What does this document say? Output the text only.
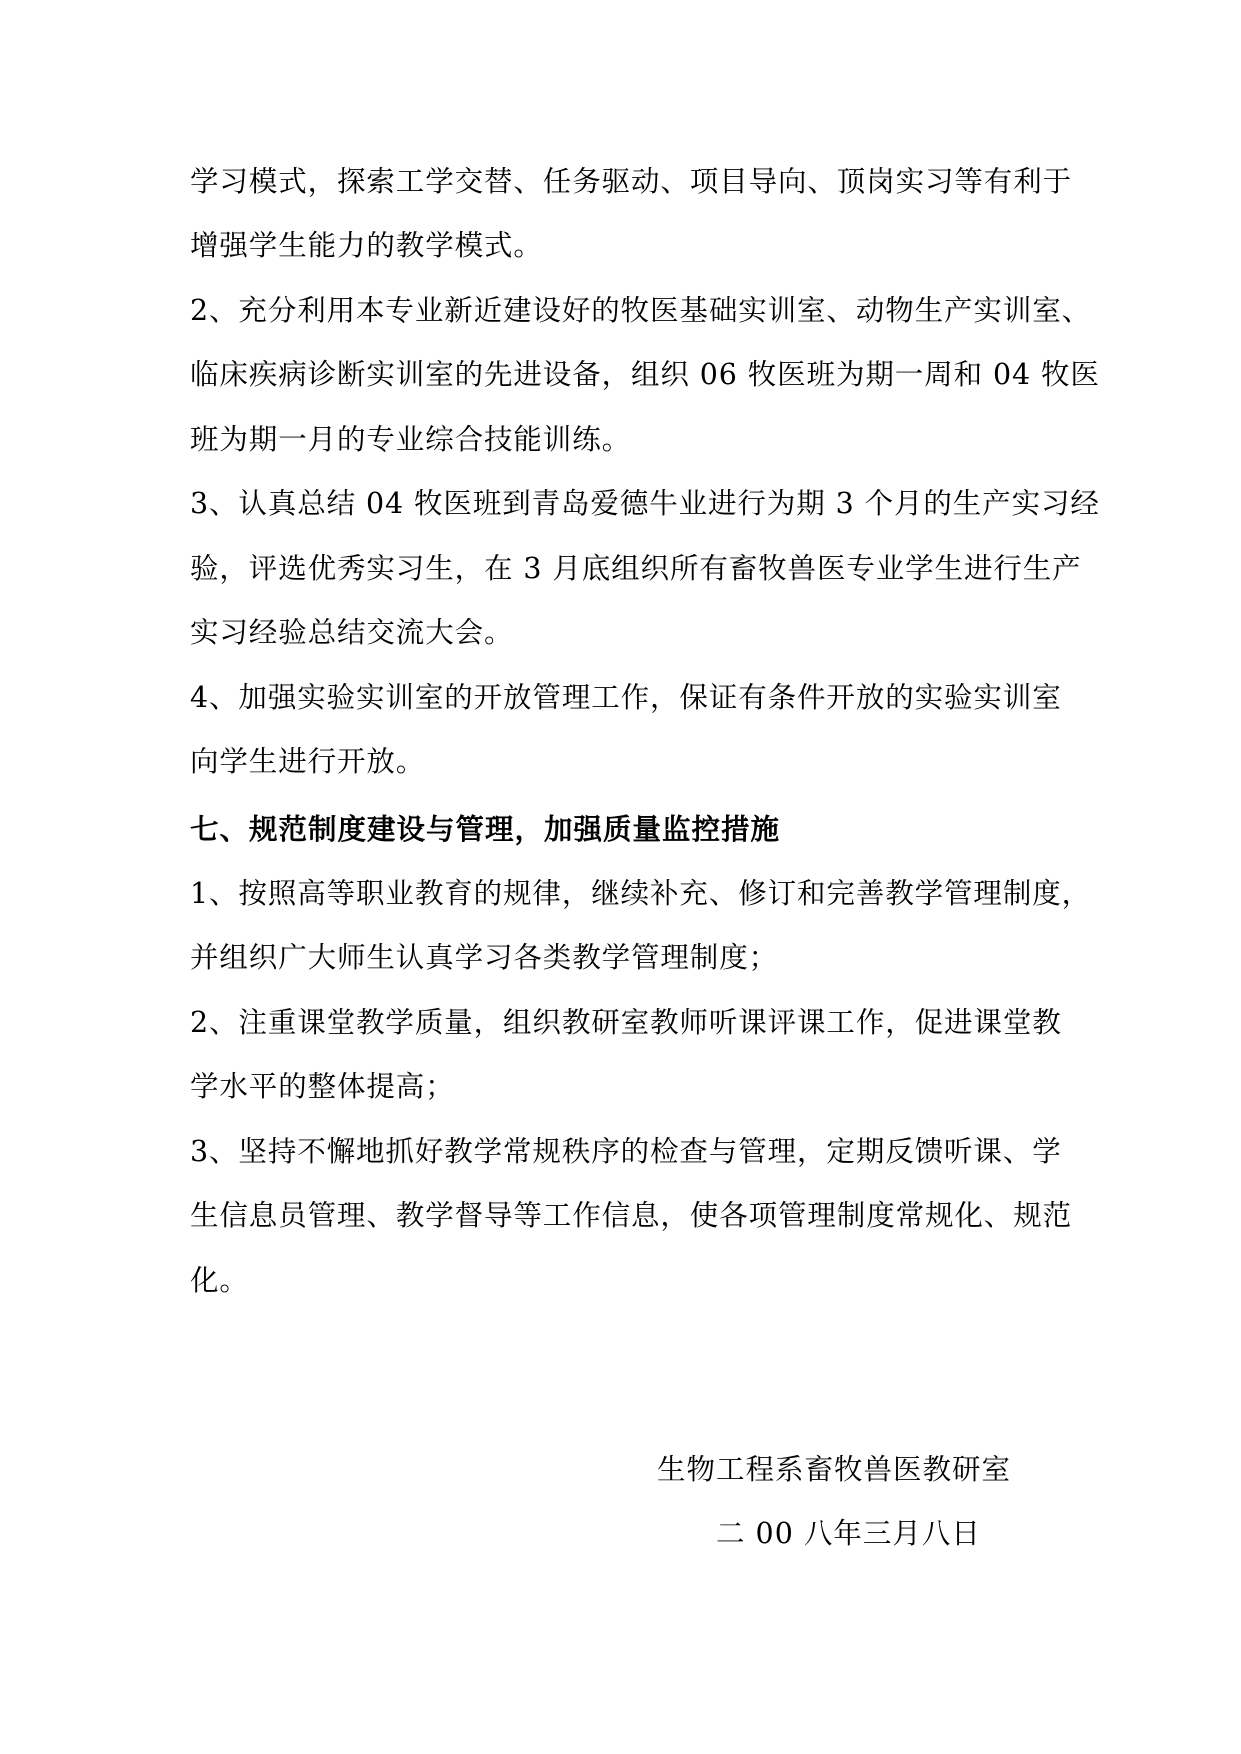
学习模式，探索工学交替、任务驱动、项目导向、顶岗实习等有利于
增强学生能力的教学模式。
2、充分利用本专业新近建设好的牧医基础实训室、动物生产实训室、
临床疾病诊断实训室的先进设备，组织 06 牧医班为期一周和 04 牧医
班为期一月的专业综合技能训练。
3、认真总结 04 牧医班到青岛爱德牛业进行为期 3 个月的生产实习经
验，评选优秀实习生，在 3 月底组织所有畜牧兽医专业学生进行生产
实习经验总结交流大会。
4、加强实验实训室的开放管理工作，保证有条件开放的实验实训室
向学生进行开放。
七、规范制度建设与管理，加强质量监控措施
1、按照高等职业教育的规律，继续补充、修订和完善教学管理制度，
并组织广大师生认真学习各类教学管理制度；
2、注重课堂教学质量，组织教研室教师听课评课工作，促进课堂教
学水平的整体提高；
3、坚持不懈地抓好教学常规秩序的检查与管理，定期反馈听课、学
生信息员管理、教学督导等工作信息，使各项管理制度常规化、规范
化。
生物工程系畜牧兽医教研室
二 00 八年三月八日
